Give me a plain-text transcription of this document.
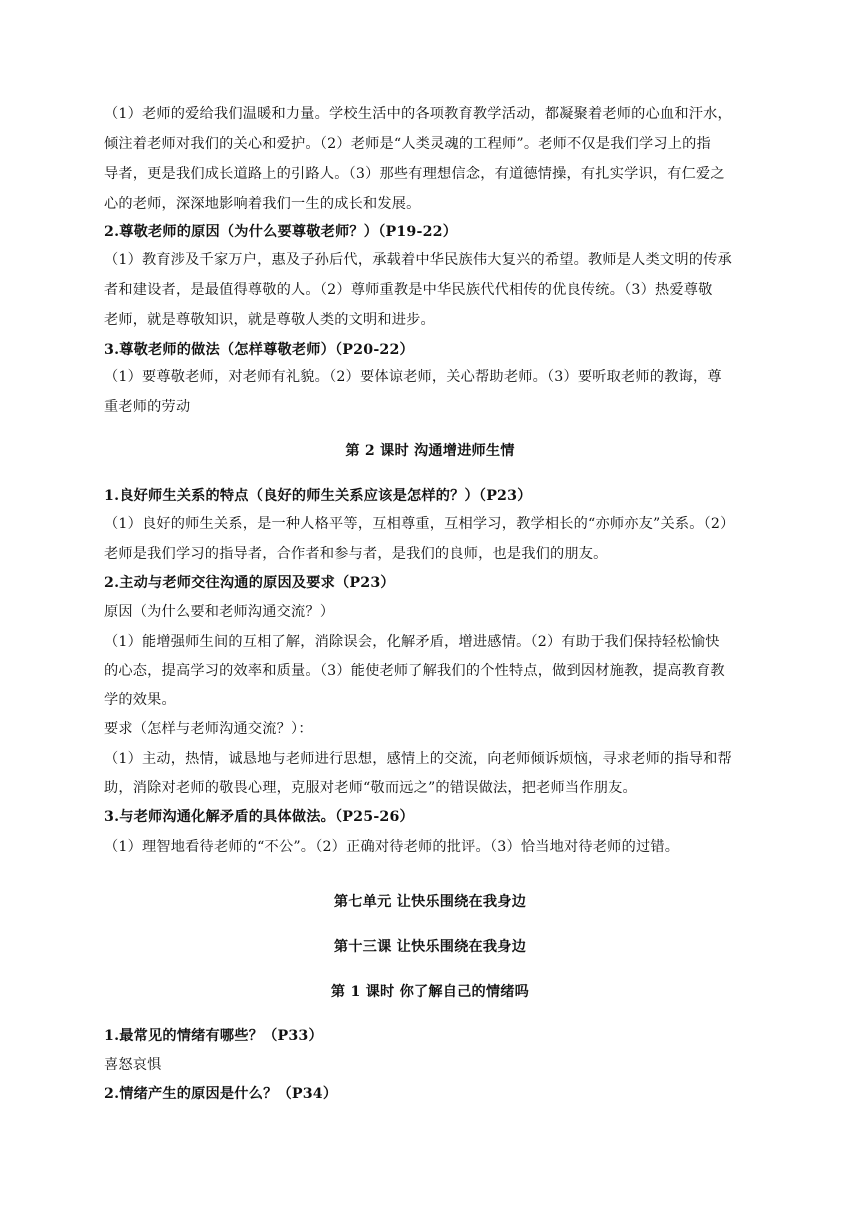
（1）老师的爱给我们温暖和力量。学校生活中的各项教育教学活动，都凝聚着老师的心血和汗水，
倾注着老师对我们的关心和爱护。（2）老师是“人类灵魂的工程师”。老师不仅是我们学习上的指
导者，更是我们成长道路上的引路人。（3）那些有理想信念，有道德情操，有扎实学识，有仁爱之
心的老师，深深地影响着我们一生的成长和发展。
2.尊敬老师的原因（为什么要尊敬老师？）（P19-22）
（1）教育涉及千家万户，惠及子孙后代，承载着中华民族伟大复兴的希望。教师是人类文明的传承
者和建设者，是最值得尊敬的人。（2）尊师重教是中华民族代代相传的优良传统。（3）热爱尊敬
老师，就是尊敬知识，就是尊敬人类的文明和进步。
3.尊敬老师的做法（怎样尊敬老师）（P20-22）
（1）要尊敬老师，对老师有礼貌。（2）要体谅老师，关心帮助老师。（3）要听取老师的教诲，尊
重老师的劳动
第 2 课时 沟通增进师生情
1.良好师生关系的特点（良好的师生关系应该是怎样的？）（P23）
（1）良好的师生关系，是一种人格平等，互相尊重，互相学习，教学相长的“亦师亦友”关系。（2）
老师是我们学习的指导者，合作者和参与者，是我们的良师，也是我们的朋友。
2.主动与老师交往沟通的原因及要求（P23）
原因（为什么要和老师沟通交流？）
（1）能增强师生间的互相了解，消除误会，化解矛盾，增进感情。（2）有助于我们保持轻松愉快
的心态，提高学习的效率和质量。（3）能使老师了解我们的个性特点，做到因材施教，提高教育教
学的效果。
要求（怎样与老师沟通交流？）：
（1）主动，热情，诚恳地与老师进行思想，感情上的交流，向老师倾诉烦恼，寻求老师的指导和帮
助，消除对老师的敬畏心理，克服对老师“敬而远之”的错误做法，把老师当作朋友。
3.与老师沟通化解矛盾的具体做法。（P25-26）
（1）理智地看待老师的“不公”。（2）正确对待老师的批评。（3）恰当地对待老师的过错。
第七单元 让快乐围绕在我身边
第十三课 让快乐围绕在我身边
第 1 课时 你了解自己的情绪吗
1.最常见的情绪有哪些？（P33）
喜怒哀惧
2.情绪产生的原因是什么？（P34）
